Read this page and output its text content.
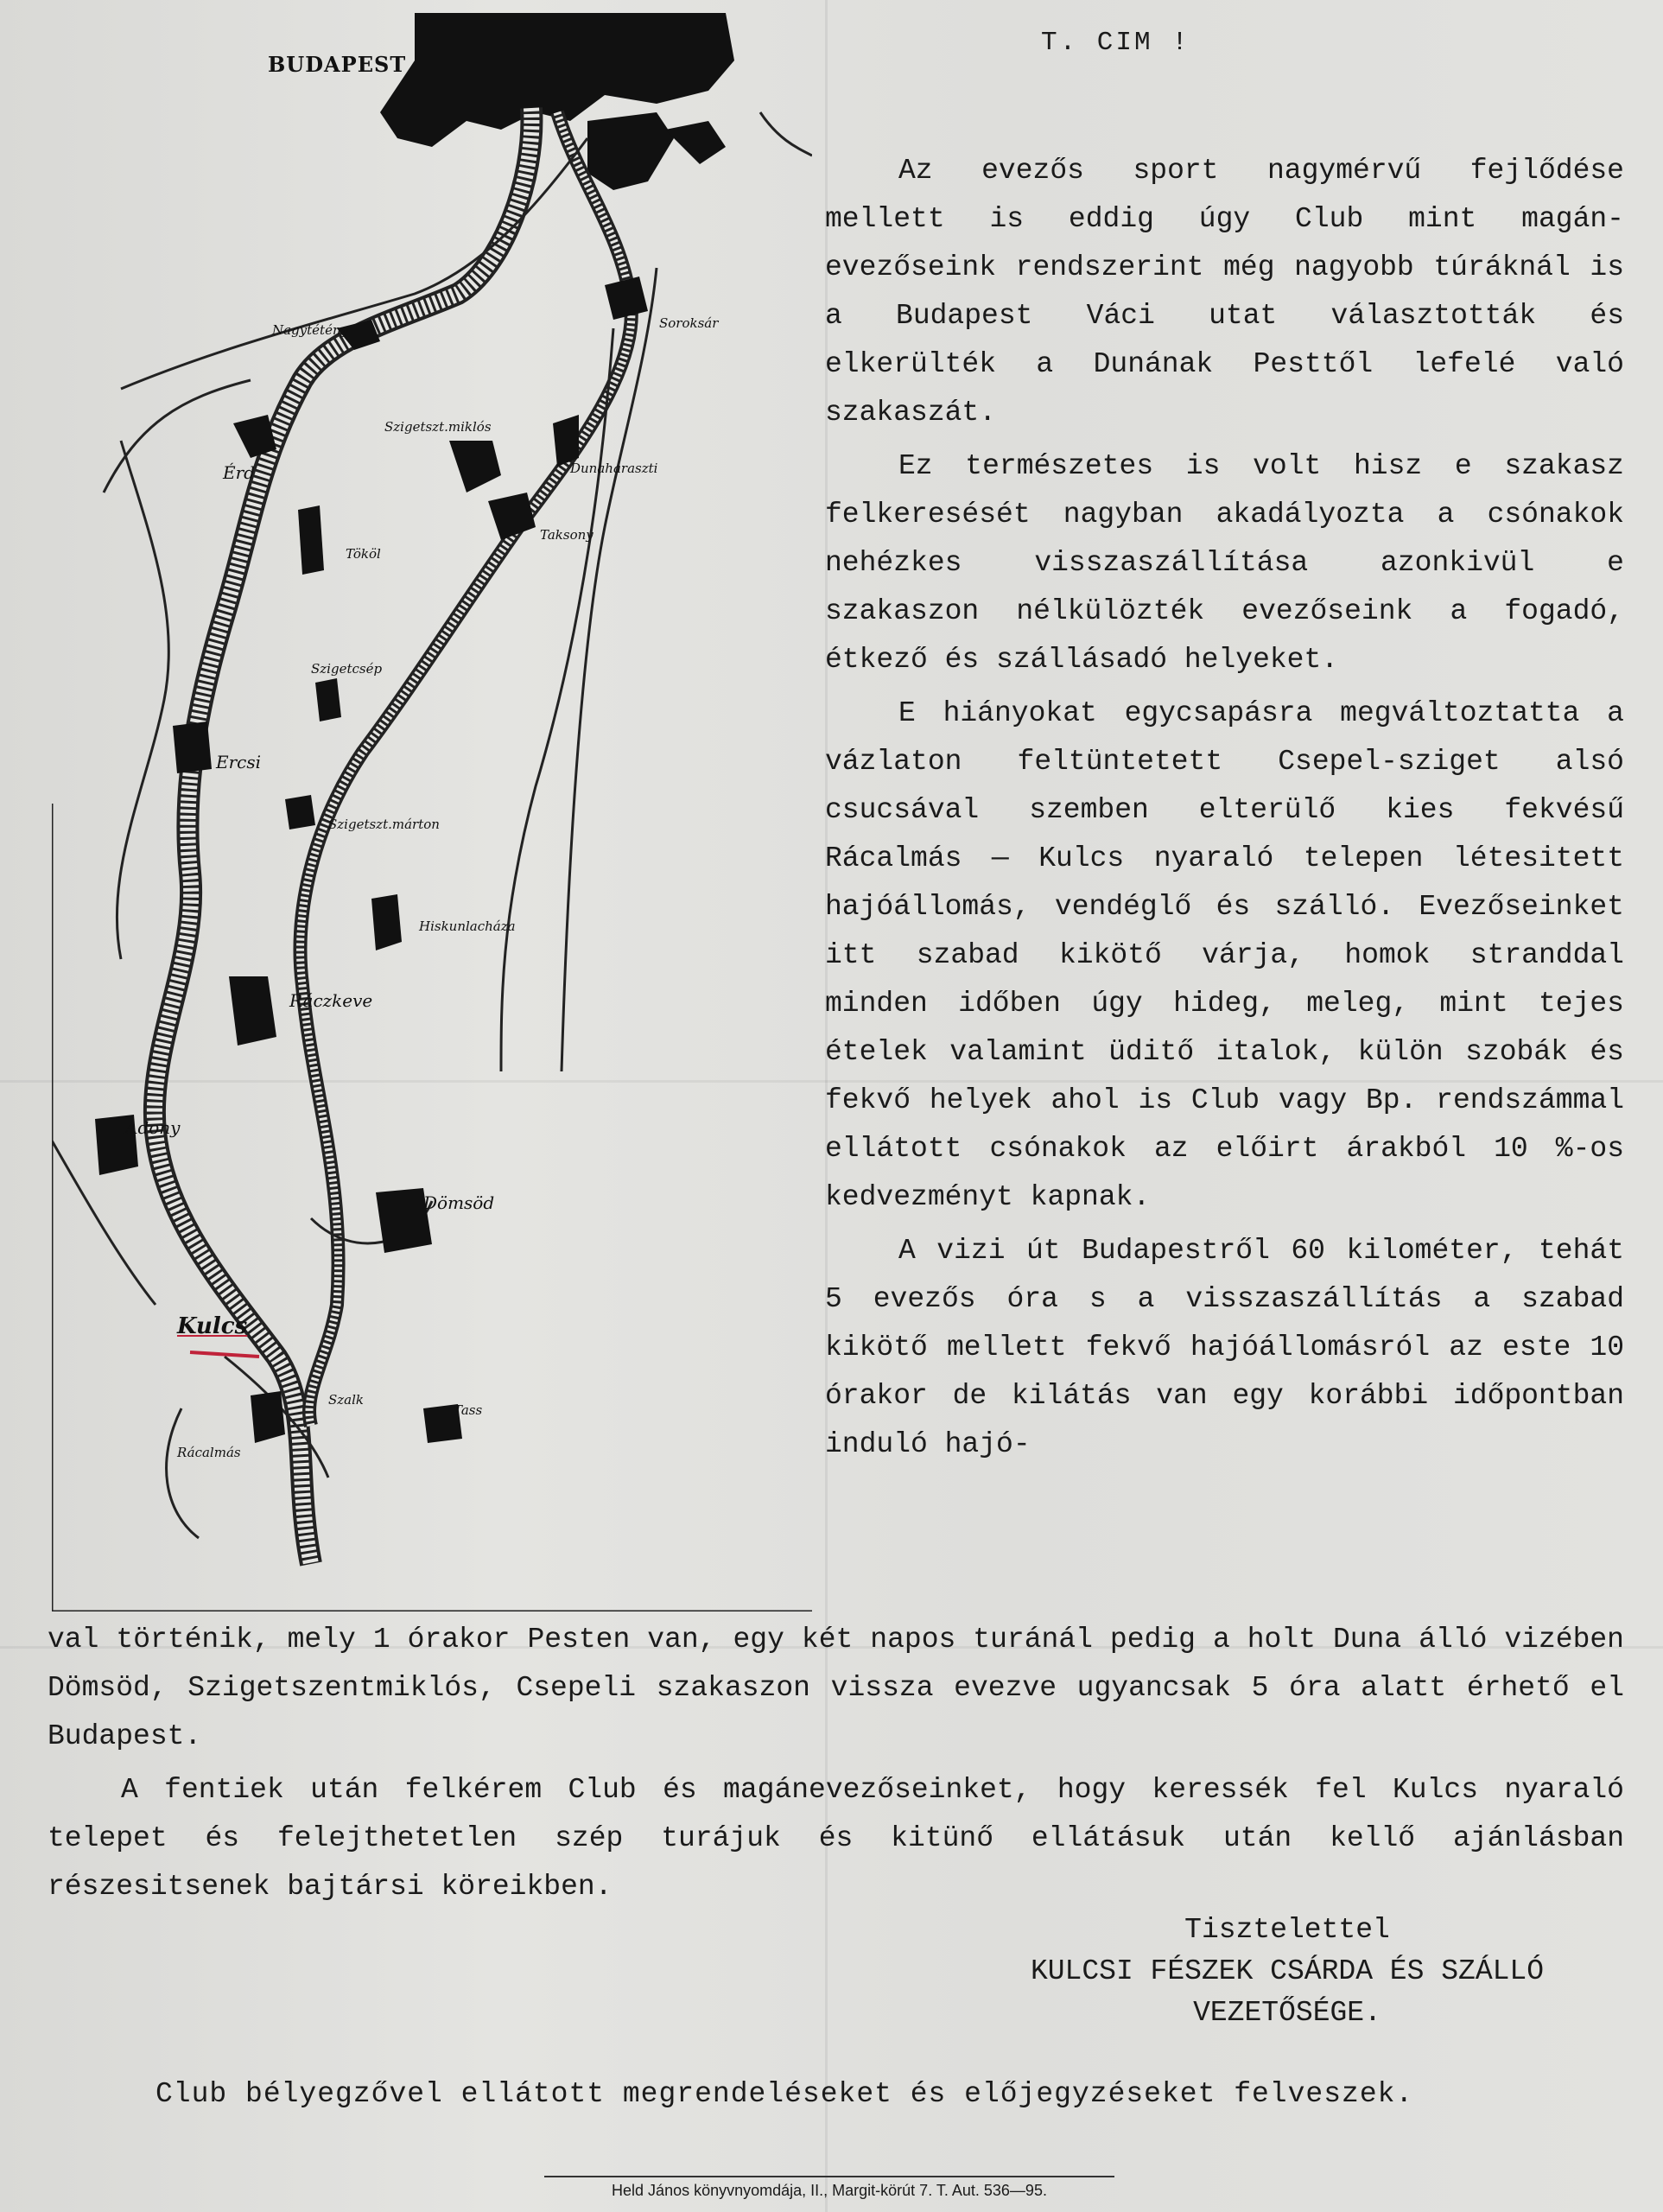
BUDAPEST
Nagytétény	Soroksár
Szigetszt.miklós
Érd	Dunaharaszti
Taksony
Tököl
Szigetcsép
Ercsi
Szigetszt.márton
Hiskunlacháza
Ráczkeve
Adony
Dömsöd
Kulcs
Szalk
Tass
Rácalmás
T. CIM !

Az evezős sport nagymérvű fejlődése mellett is eddig úgy Club mint magán-evezőseink rendszerint még nagyobb túráknál is a Budapest Váci utat választották és elkerülték a Dunának Pesttől lefelé való szakaszát.

Ez természetes is volt hisz e szakasz felkeresését nagyban akadályozta a csónakok nehézkes visszaszállítása azonkivül e szakaszon nélkülözték evezőseink a fogadó, étkező és szállásadó helyeket.

E hiányokat egycsapásra megváltoztatta a vázlaton feltüntetett Csepel-sziget alsó csucsával szemben elterülő kies fekvésű Rácalmás — Kulcs nyaraló telepen létesitett hajóállomás, vendéglő és szálló. Evezőseinket itt szabad kikötő várja, homok stranddal minden időben úgy hideg, meleg, mint tejes ételek valamint üditő italok, külön szobák és fekvő helyek ahol is Club vagy Bp. rendszámmal ellátott csónakok az előirt árakból 10 %-os kedvezményt kapnak.

A vizi út Budapestről 60 kilométer, tehát 5 evezős óra s a visszaszállítás a szabad kikötő mellett fekvő hajóállomásról az este 10 órakor de kilátás van egy korábbi időpontban induló hajó-

val történik, mely 1 órakor Pesten van, egy két napos turánál pedig a holt Duna álló vizében Dömsöd, Szigetszentmiklós, Csepeli szakaszon vissza evezve ugyancsak 5 óra alatt érhető el Budapest.

A fentiek után felkérem Club és magánevezőseinket, hogy keressék fel Kulcs nyaraló telepet és felejthetetlen szép turájuk és kitünő ellátásuk után kellő ajánlásban részesitsenek bajtársi köreikben.

Tisztelettel
KULCSI FÉSZEK CSÁRDA ÉS SZÁLLÓ
VEZETŐSÉGE.
Club bélyegzővel ellátott megrendeléseket és előjegyzéseket felveszek.
Held János könyvnyomdája, II., Margit-körút 7. T. Aut. 536—95.
